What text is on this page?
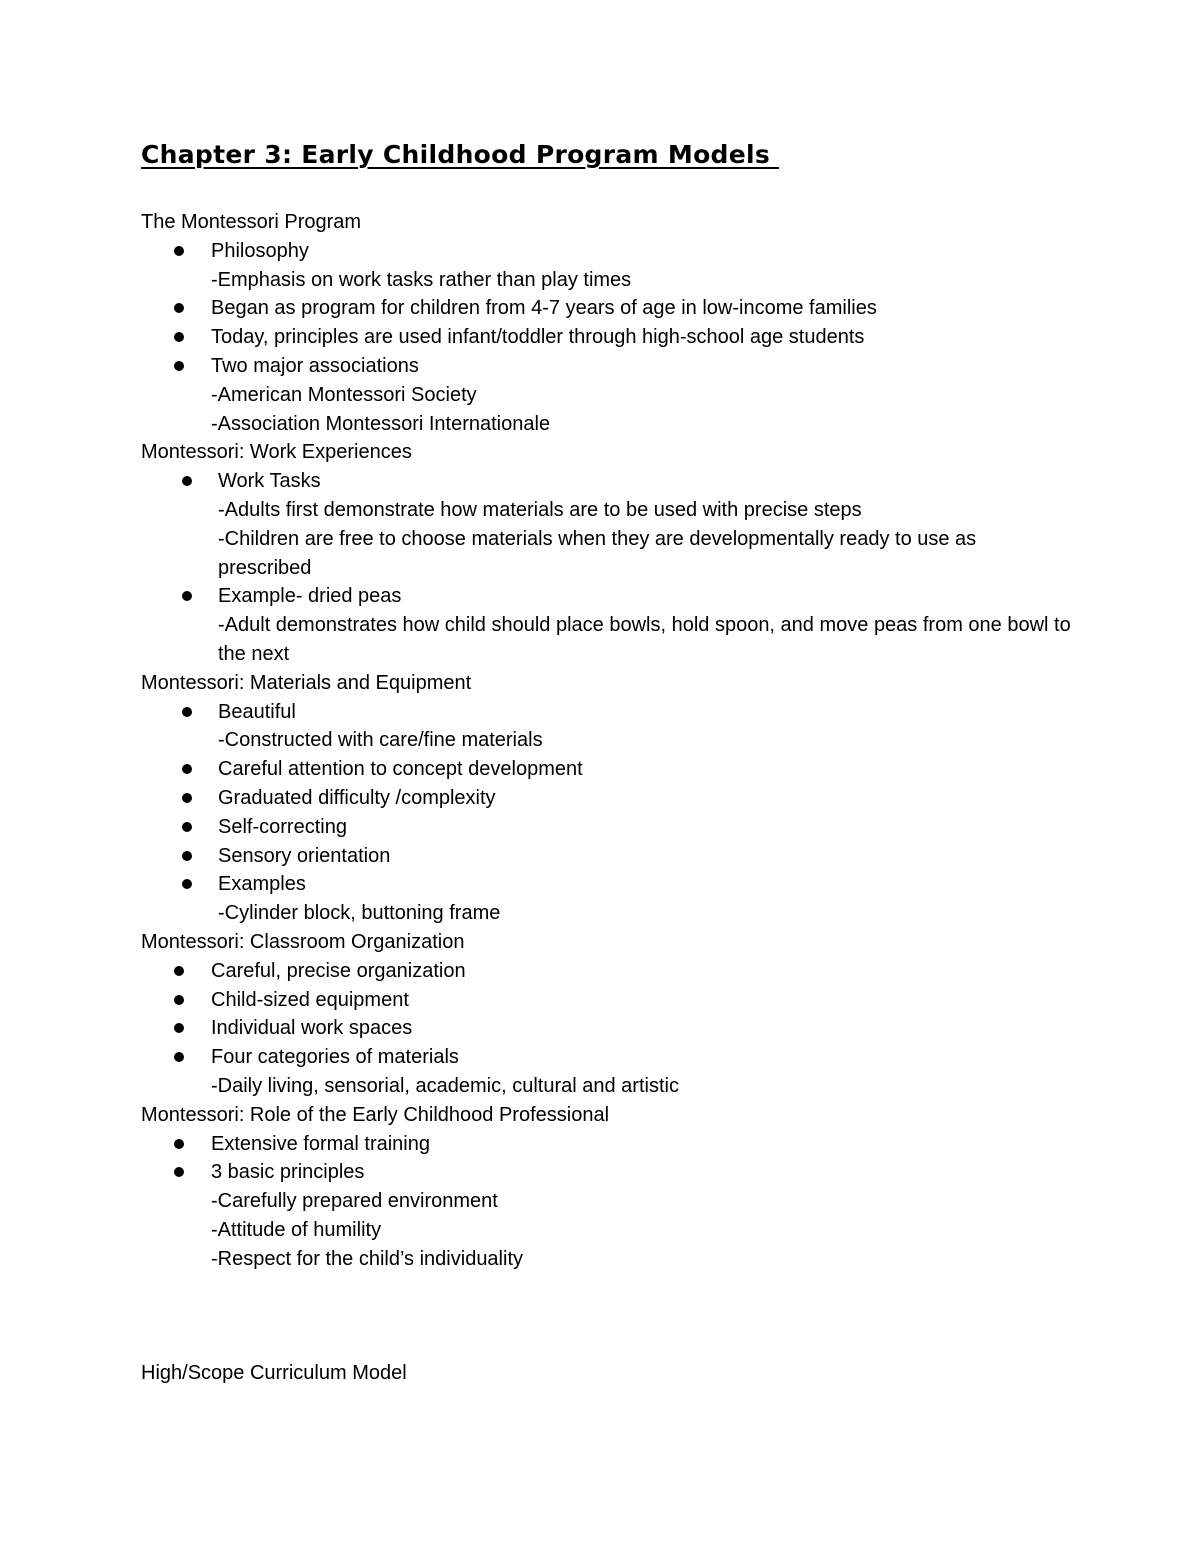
Chapter 3: Early Childhood Program Models

The Montessori Program

Philosophy
-Emphasis on work tasks rather than play times
Began as program for children from 4-7 years of age in low-income families
Today, principles are used infant/toddler through high-school age students
Two major associations
-American Montessori Society
-Association Montessori Internationale

Montessori: Work Experiences

Work Tasks
-Adults first demonstrate how materials are to be used with precise steps
-Children are free to choose materials when they are developmentally ready to use as prescribed
Example- dried peas
-Adult demonstrates how child should place bowls, hold spoon, and move peas from one bowl to the next

Montessori: Materials and Equipment

Beautiful
-Constructed with care/fine materials
Careful attention to concept development
Graduated difficulty /complexity
Self-correcting
Sensory orientation
Examples
-Cylinder block, buttoning frame

Montessori: Classroom Organization

Careful, precise organization
Child-sized equipment
Individual work spaces
Four categories of materials
-Daily living, sensorial, academic, cultural and artistic

Montessori: Role of the Early Childhood Professional

Extensive formal training
3 basic principles
-Carefully prepared environment
-Attitude of humility
-Respect for the child’s individuality

High/Scope Curriculum Model
